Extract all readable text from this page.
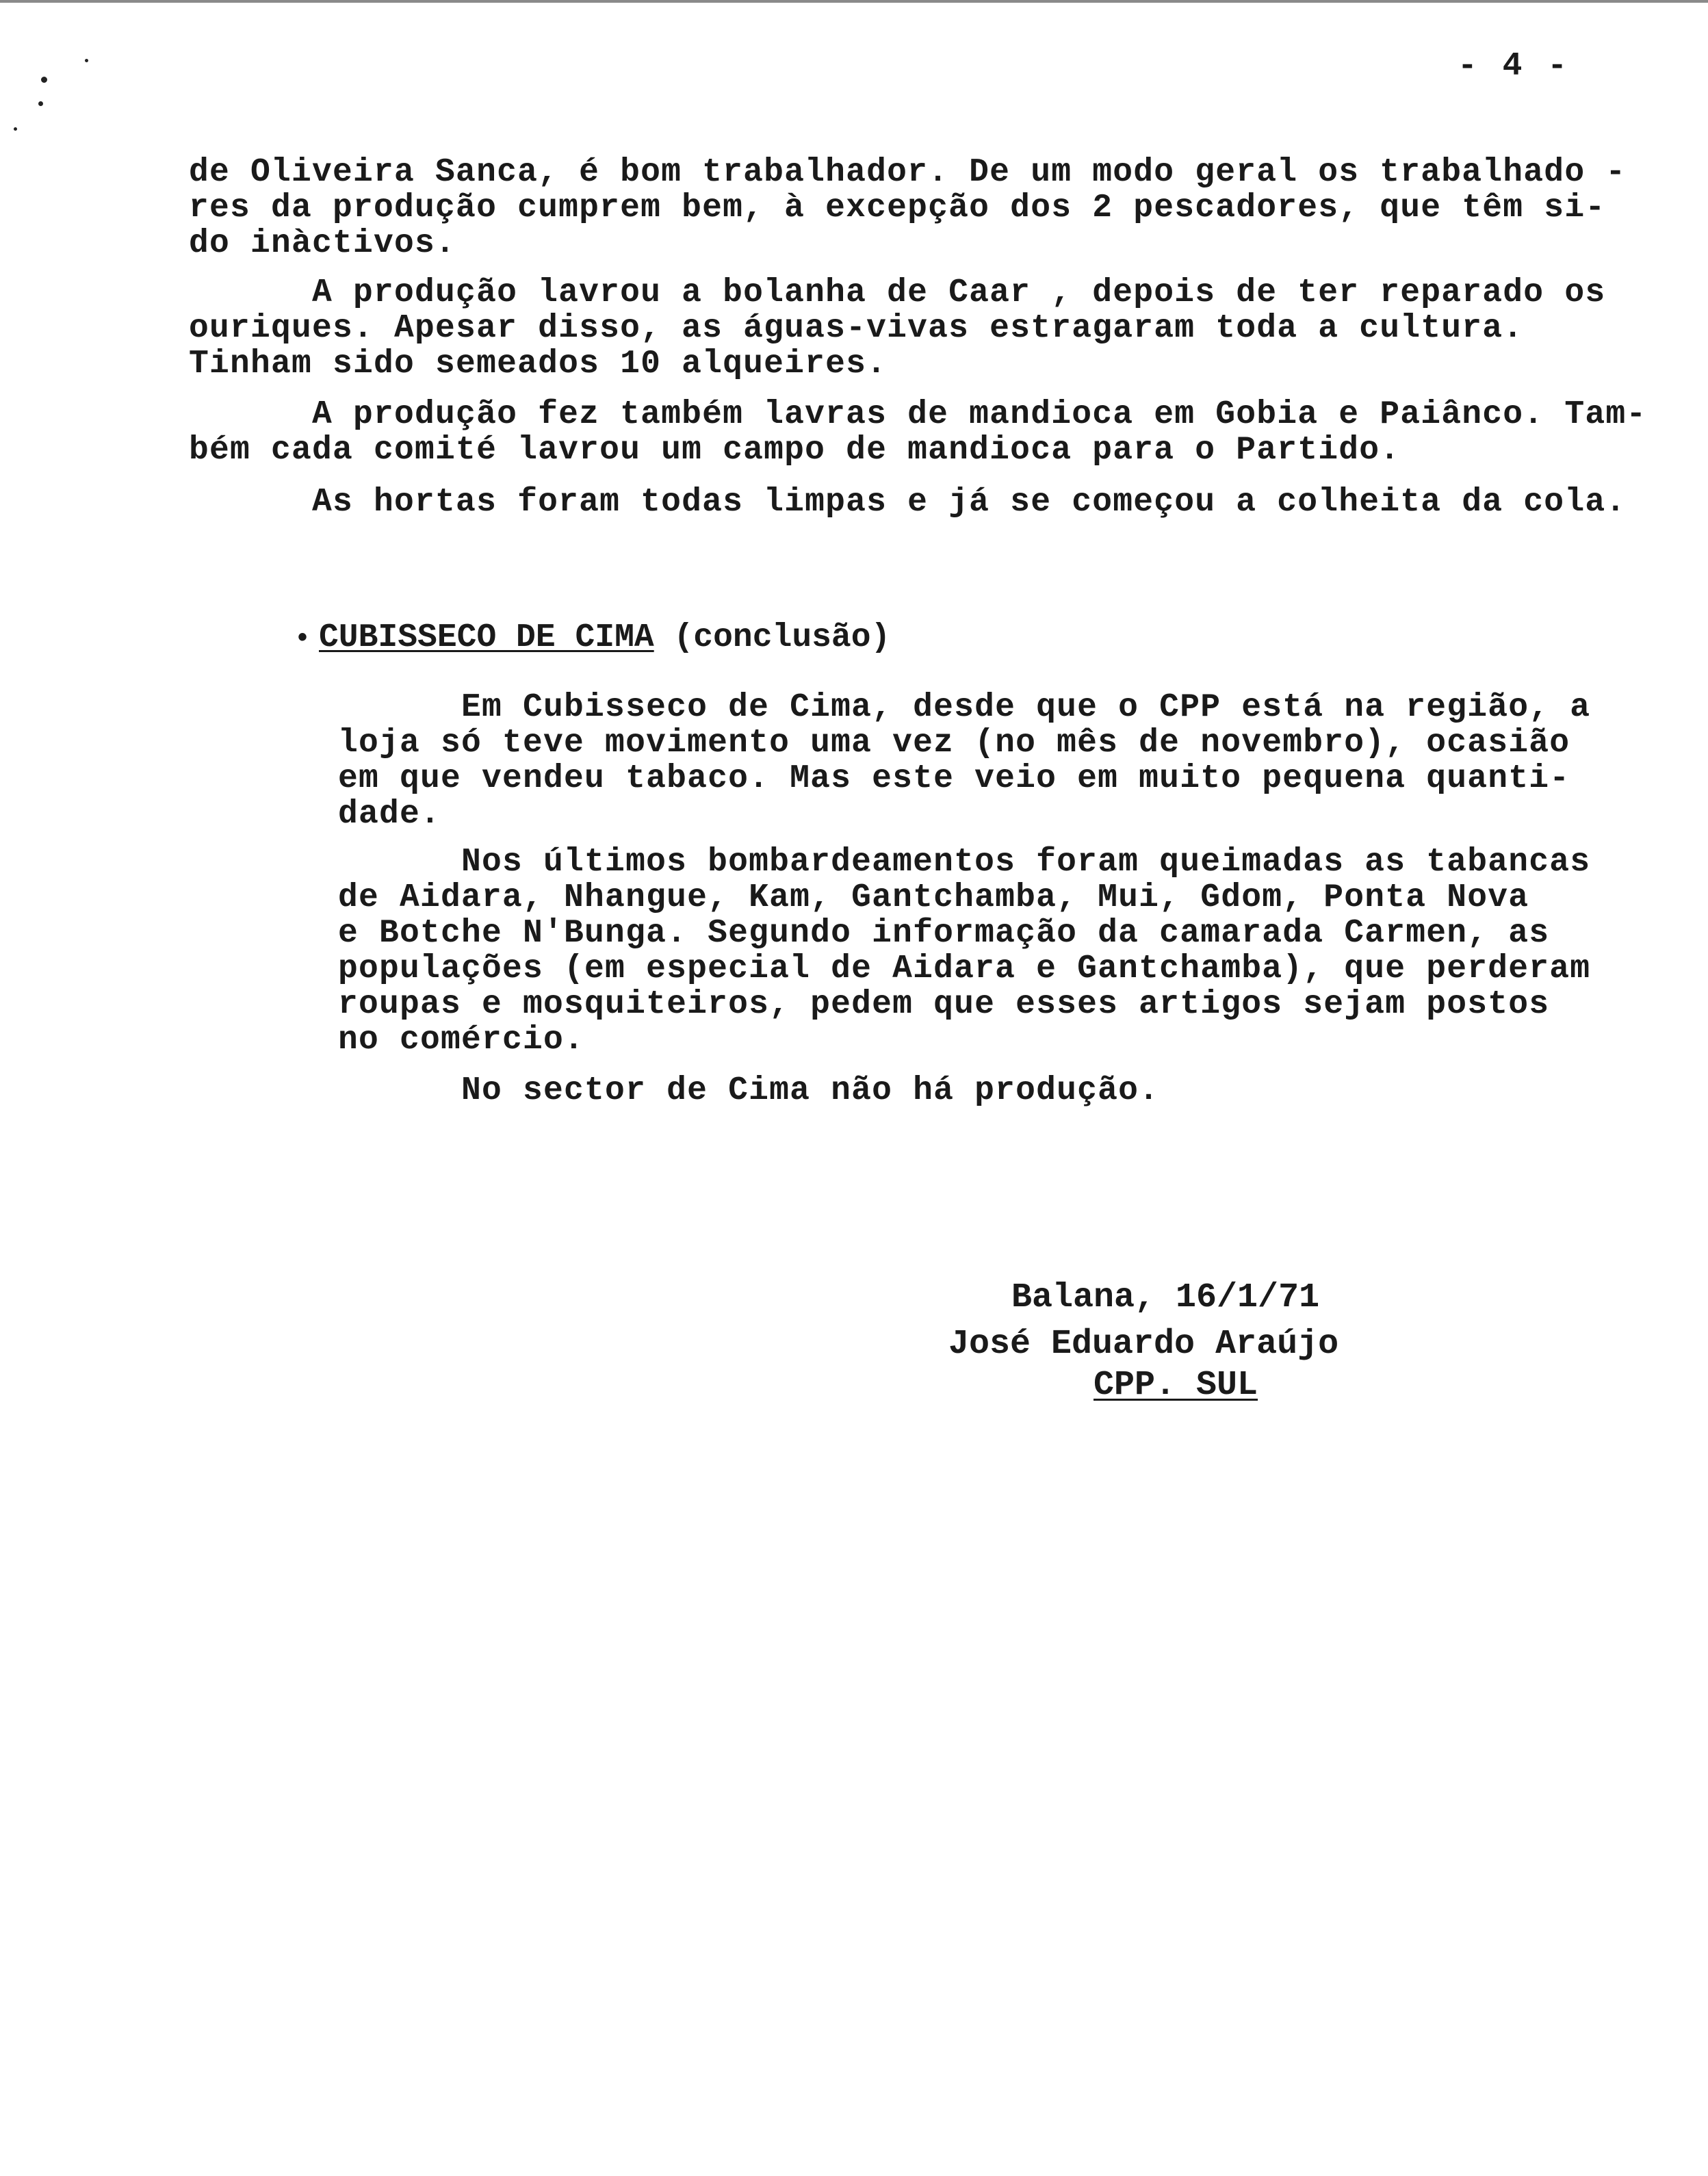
- 4 -
de Oliveira Sanca, é bom trabalhador. De um modo geral os trabalhado -
res da produção cumprem bem, à excepção dos 2 pescadores, que têm si-
do inàctivos.
A produção lavrou a bolanha de Caar , depois de ter reparado os
ouriques. Apesar disso, as águas-vivas estragaram toda a cultura.
Tinham sido semeados 10 alqueires.
A produção fez também lavras de mandioca em Gobia e Paiânco. Tam-
bém cada comité lavrou um campo de mandioca para o Partido.
As hortas foram todas limpas e já se começou a colheita da cola.
• CUBISSECO DE CIMA (conclusão)
Em Cubisseco de Cima, desde que o CPP está na região, a
loja só teve movimento uma vez (no mês de novembro), ocasião
em que vendeu tabaco. Mas este veio em muito pequena quanti-
dade.
Nos últimos bombardeamentos foram queimadas as tabancas
de Aidara, Nhangue, Kam, Gantchamba, Mui, Gdom, Ponta Nova
e Botche N'Bunga. Segundo informação da camarada Carmen, as
populações (em especial de Aidara e Gantchamba), que perderam
roupas e mosquiteiros, pedem que esses artigos sejam postos
no comércio.
No sector de Cima não há produção.
Balana, 16/1/71
José Eduardo Araújo
CPP. SUL
